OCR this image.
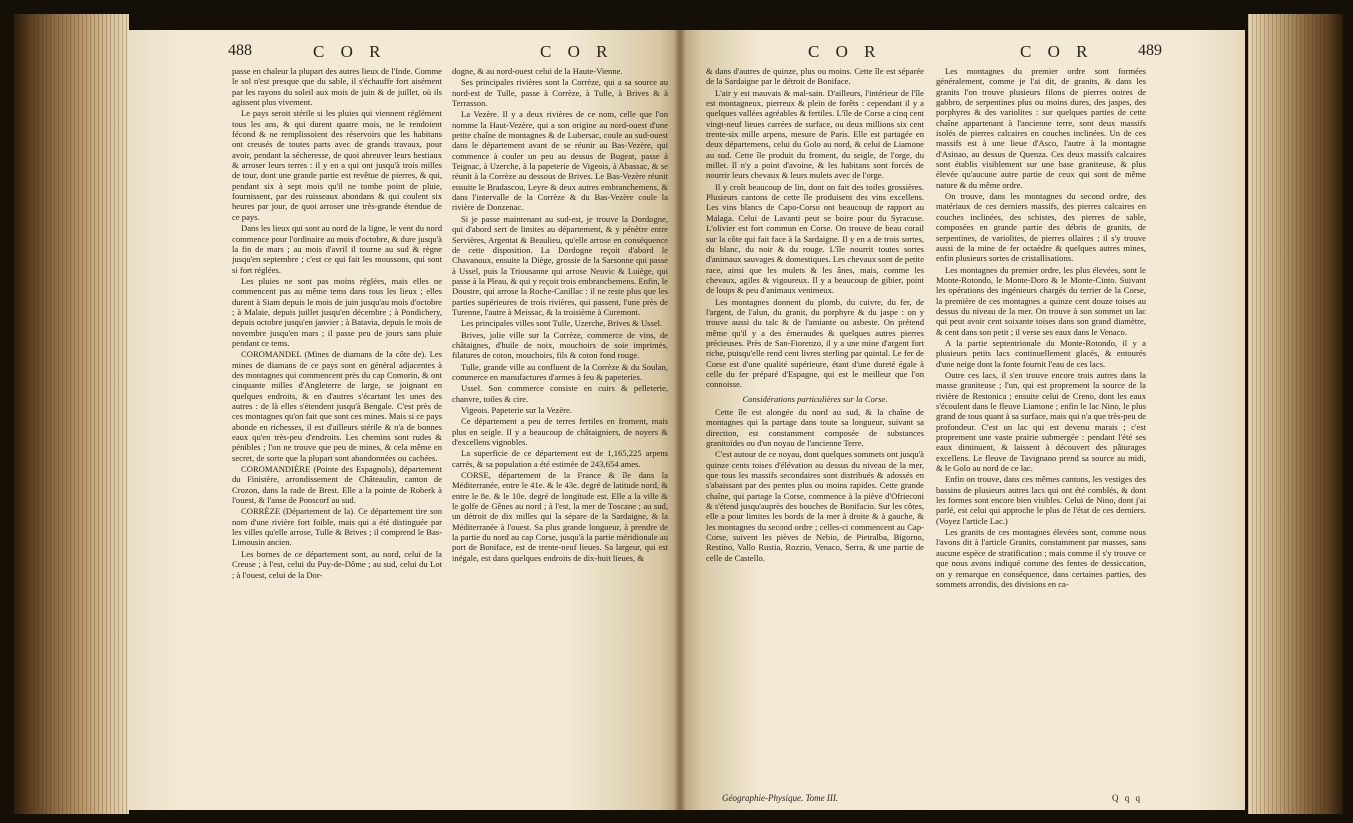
488	C O R	C O R	C O R	C O R	489

passe en chaleur la plupart des autres lieux de l'Inde. Comme le sol n'est presque que du sable, il s'échauffe fort aisément par les rayons du soleil aux mois de juin & de juillet, où ils agissent plus vivement.

Le pays seroit stérile si les pluies qui viennent réglément tous les ans, & qui durent quatre mois, ne le rendoient fécond & ne remplissoient des réservoirs que les habitans ont creusés de toutes parts avec de grands travaux, pour avoir, pendant la sécheresse, de quoi abreuver leurs bestiaux & arroser leurs terres : il y en a qui ont jusqu'à trois milles de tour, dont une grande partie est revêtue de pierres, & qui, pendant six à sept mois qu'il ne tombe point de pluie, fournissent, par des ruisseaux abondans & qui coulent six heures par jour, de quoi arroser une très-grande étendue de ce pays.

Dans les lieux qui sont au nord de la ligne, le vent du nord commence pour l'ordinaire au mois d'octobre, & dure jusqu'à la fin de mars ; au mois d'avril il tourne au sud & règne jusqu'en septembre ; c'est ce qui fait les moussons, qui sont si fort réglées.

Les pluies ne sont pas moins réglées, mais elles ne commencent pas au même tems dans tous les lieux ; elles durent à Siam depuis le mois de juin jusqu'au mois d'octobre ; à Malaie, depuis juillet jusqu'en décembre ; à Pondichery, depuis octobre jusqu'en janvier ; à Batavia, depuis le mois de novembre jusqu'en mars ; il passe peu de jours sans pluie pendant ce tems.

COROMANDEL (Mines de diamans de la côte de). Les mines de diamans de ce pays sont en général adjacentes à des montagnes qui commencent près du cap Comorin, & ont cinquante milles d'Angleterre de large, se joignant en quelques endroits, & en d'autres s'écartant les unes des autres : de là elles s'étendent jusqu'à Bengale. C'est près de ces montagnes qu'on fait que sont ces mines. Mais si ce pays abonde en richesses, il est d'ailleurs stérile & n'a de bonnes eaux qu'en très-peu d'endroits. Les chemins sont rudes & pénibles ; l'on ne trouve que peu de mines, & cela même en secret, de sorte que la plupart sont abandonnées ou cachées.

COROMANDIÈRE (Pointe des Espagnols), département du Finistère, arrondissement de Châteaulin, canton de Crozon, dans la rade de Brest. Elle a la pointe de Roberk à l'ouest, & l'anse de Ponscorf au sud.

CORRÈZE (Département de la). Ce département tire son nom d'une rivière fort foible, mais qui a été distinguée par les villes qu'elle arrose, Tulle & Brives ; il comprend le Bas-Limousin ancien.

Les bornes de ce département sont, au nord, celui de la Creuse ; à l'est, celui du Puy-de-Dôme ; au sud, celui du Lot ; à l'ouest, celui de la Dor-

dogne, & au nord-ouest celui de la Haute-Vienne.

Ses principales rivières sont la Corrèze, qui a sa source au nord-est de Tulle, passe à Corrèze, à Tulle, à Brives & à Terrasson.

La Vezère. Il y a deux rivières de ce nom, celle que l'on nomme la Haut-Vezère, qui a son origine au nord-ouest d'une petite chaîne de montagnes & de Lubersac, coule au sud-ouest dans le département avant de se réunir au Bas-Vezère, qui commence à couler un peu au dessus de Bugeat, passe à Teignac, à Uzerche, à la papeterie de Vigeois, à Abassac, & se réunit à la Corrèze au dessous de Brives. Le Bas-Vezère réunit ensuite le Bradascou, Leyre & deux autres embranchemens, & dans l'intervalle de la Corrèze & du Bas-Vezère coule la rivière de Donzenac.

Si je passe maintenant au sud-est, je trouve la Dordogne, qui d'abord sert de limites au département, & y pénètre entre Servières, Argentat & Beaulieu, qu'elle arrose en conséquence de cette disposition. La Dordogne reçoit d'abord le Chavanoux, ensuite la Diège, grossie de la Sarsonne qui passe à Ussel, puis la Triousanne qui arrose Neuvic & Luiège, qui passe à la Pleau, & qui y reçoit trois embranchemens. Enfin, le Doustre, qui arrose la Roche-Canillac : il ne reste plus que les parties supérieures de trois rivières, qui passent, l'une près de Turenne, l'autre à Meissac, & la troisième à Curemont.

Les principales villes sont Tulle, Uzerche, Brives & Ussel.

Brives, jolie ville sur la Corrèze, commerce de vins, de châtaignes, d'huile de noix, mouchoirs de soie imprimés, filatures de coton, mouchoirs, fils & coton fond rouge.

Tulle, grande ville au confluent de la Corrèze & du Soulan, commerce en manufactures d'armes à feu & papeteries.

Ussel. Son commerce consiste en cuirs & pelleterie, chanvre, toiles & cire.

Vigeois. Papeterie sur la Vezère.

Ce département a peu de terres fertiles en froment, mais plus en seigle. Il y a beaucoup de châtaigniers, de noyers & d'excellens vignobles.

La superficie de ce département est de 1,165,225 arpens carrés, & sa population a été estimée de 243,654 ames.

CORSE, département de la France & île dans la Méditerranée, entre le 41e. & le 43e. degré de latitude nord, & entre le 8e. & le 10e. degré de longitude est. Elle a la ville & le golfe de Gênes au nord ; à l'est, la mer de Toscane ; au sud, un détroit de dix milles qui la sépare de la Sardaigne, & la Méditerranée à l'ouest. Sa plus grande longueur, à prendre de la partie du nord au cap Corse, jusqu'à la partie méridionale au port de Boniface, est de trente-neuf lieues. Sa largeur, qui est inégale, est dans quelques endroits de dix-huit lieues, &

& dans d'autres de quinze, plus ou moins. Cette île est séparée de la Sardaigne par le détroit de Boniface.

L'air y est mauvais & mal-sain. D'ailleurs, l'intérieur de l'île est montagneux, pierreux & plein de forêts : cependant il y a quelques vallées agréables & fertiles. L'île de Corse a cinq cent vingt-neuf lieues carrées de surface, ou deux millions six cent trente-six mille arpens, mesure de Paris. Elle est partagée en deux départemens, celui du Golo au nord, & celui de Liamone au sud. Cette île produit du froment, du seigle, de l'orge, du millet. Il n'y a point d'avoine, & les habitans sont forcés de nourrir leurs chevaux & leurs mulets avec de l'orge.

Il y croît beaucoup de lin, dont on fait des toiles grossières. Plusieurs cantons de cette île produisent des vins excellens. Les vins blancs de Capo-Corso ont beaucoup de rapport au Malaga. Celui de Lavanti peut se boire pour du Syracuse. L'olivier est fort commun en Corse. On trouve de beau corail sur la côte qui fait face à la Sardaigne. Il y en a de trois sortes, du blanc, du noir & du rouge. L'île nourrit toutes sortes d'animaux sauvages & domestiques. Les chevaux sont de petite race, ainsi que les mulets & les ânes, mais, comme les chevaux, agiles & vigoureux. Il y a beaucoup de gibier, point de loups & peu d'animaux venimeux.

Les montagnes donnent du plomb, du cuivre, du fer, de l'argent, de l'alun, du granit, du porphyre & du jaspe : on y trouve aussi du talc & de l'amiante ou asbeste. On prétend même qu'il y a des émeraudes & quelques autres pierres précieuses. Près de San-Fiorenzo, il y a une mine d'argent fort riche, puisqu'elle rend cent livres sterling par quintal. Le fer de Corse est d'une qualité supérieure, étant d'une dureté égale à celle du fer préparé d'Espagne, qui est le meilleur que l'on connoisse.

Considérations particulières sur la Corse.

Cette île est alongée du nord au sud, & la chaîne de montagnes qui la partage dans toute sa longueur, suivant sa direction, est constamment composée de substances granitoïdes ou d'un noyau de l'ancienne Terre.

C'est autour de ce noyau, dont quelques sommets ont jusqu'à quinze cents toises d'élévation au dessus du niveau de la mer, que tous les massifs secondaires sont distribués & adossés en s'abaissant par des pentes plus ou moins rapides. Cette grande chaîne, qui partage la Corse, commence à la piève d'Ofrieconi & s'étend jusqu'auprès des bouches de Bonifacio. Sur les côtes, elle a pour limites les bords de la mer à droite & à gauche, & les montagnes du second ordre ; celles-ci commencent au Cap-Corse, suivent les pièves de Nebio, de Pietralba, Bigorno, Restino, Vallo Rustia, Rozzio, Venaco, Serra, & une partie de celle de Castello.

Les montagnes du premier ordre sont formées généralement, comme je l'ai dit, de granits, & dans les granits l'on trouve plusieurs filons de pierres noires de gabbro, de serpentines plus ou moins dures, des jaspes, des porphyres & des variolites : sur quelques parties de cette chaîne appartenant à l'ancienne terre, sont deux massifs isolés de pierres calcaires en couches inclinées. Un de ces massifs est à une lieue d'Asco, l'autre à la montagne d'Asinao, au dessus de Quenza. Ces deux massifs calcaires sont établis visiblement sur une base graniteuse, & plus élevée qu'aucune autre partie de ceux qui sont de même nature & du même ordre.

On trouve, dans les montagnes du second ordre, des matériaux de ces derniers massifs, des pierres calcaires en couches inclinées, des schistes, des pierres de sable, composées en grande partie des débris de granits, de serpentines, de variolites, de pierres ollaires ; il s'y trouve aussi de la mine de fer octaèdre & quelques autres mines, enfin plusieurs sortes de cristallisations.

Les montagnes du premier ordre, les plus élevées, sont le Monte-Rotondo, le Monte-Doro & le Monte-Cinto. Suivant les opérations des ingénieurs chargés du terrier de la Corse, la première de ces montagnes a quinze cent douze toises au dessus du niveau de la mer. On trouve à son sommet un lac qui peut avoir cent soixante toises dans son grand diamètre, & cent dans son petit ; il verse ses eaux dans le Venaco.

A la partie septentrionale du Monte-Rotondo, il y a plusieurs petits lacs continuellement glacés, & entourés d'une neige dont la fonte fournit l'eau de ces lacs.

Outre ces lacs, il s'en trouve encore trois autres dans la masse graniteuse ; l'un, qui est proprement la source de la rivière de Restonica ; ensuite celui de Creno, dont les eaux s'écoulent dans le fleuve Liamone ; enfin le lac Nino, le plus grand de tous quant à sa surface, mais qui n'a que très-peu de profondeur. C'est un lac qui est devenu marais ; c'est proprement une vaste prairie submergée : pendant l'été ses eaux diminuent, & laissent à découvert des pâturages excellens. Le fleuve de Tavignano prend sa source au midi, & le Golo au nord de ce lac.

Enfin on trouve, dans ces mêmes cantons, les vestiges des bassins de plusieurs autres lacs qui ont été comblés, & dont les formes sont encore bien visibles. Celui de Nino, dont j'ai parlé, est celui qui approche le plus de l'état de ces derniers. (Voyez l'article Lac.)

Les granits de ces montagnes élevées sont, comme nous l'avons dit à l'article Granits, constamment par masses, sans aucune espèce de stratification ; mais comme il s'y trouve ce que nous avons indiqué comme des fentes de dessiccation, on y remarque en conséquence, dans certaines parties, des sommets arrondis, des divisions en ca-

Géographie-Physique. Tome III.	Q q q
